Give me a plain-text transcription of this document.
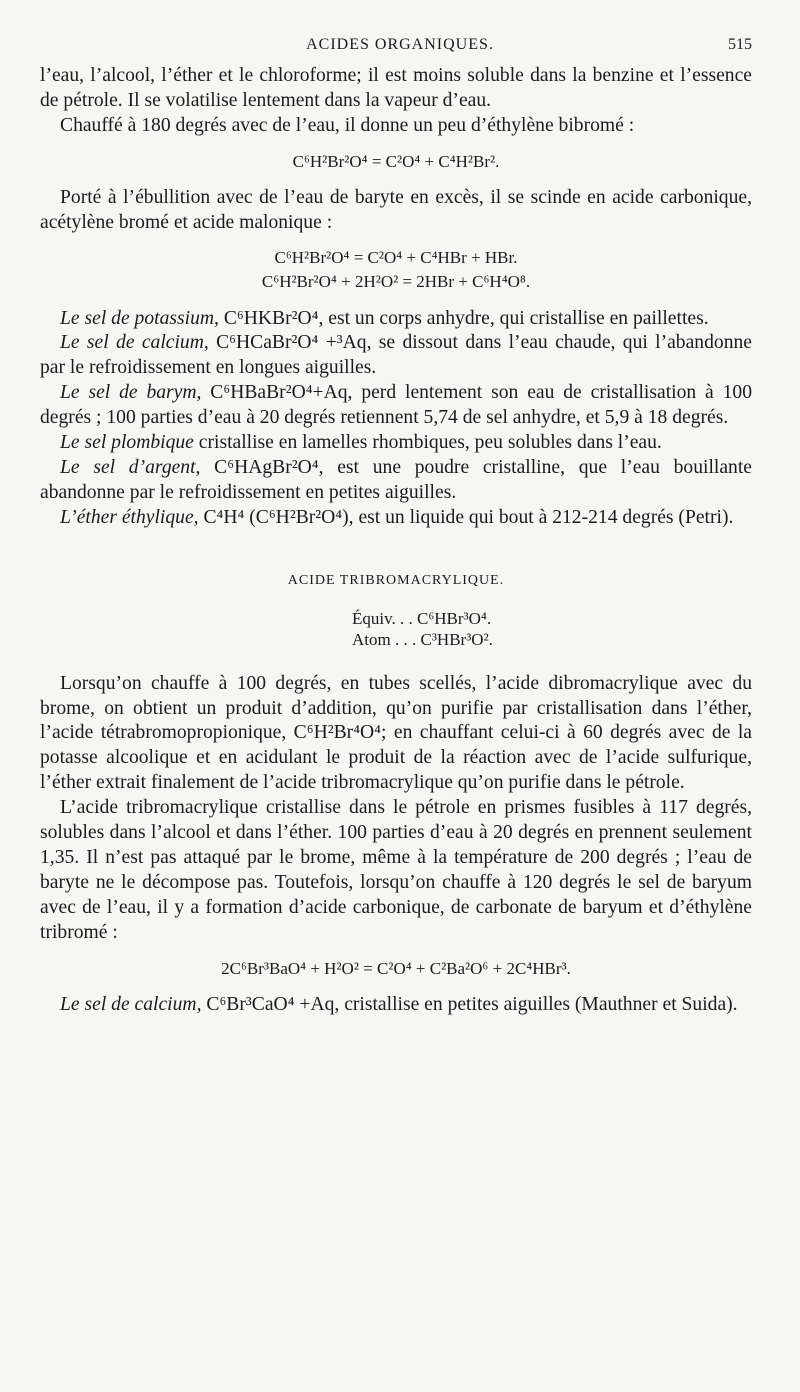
ACIDES ORGANIQUES.	515

l’eau, l’alcool, l’éther et le chloroforme; il est moins soluble dans la benzine et l’essence de pétrole. Il se volatilise lentement dans la vapeur d’eau.

Chauffé à 180 degrés avec de l’eau, il donne un peu d’éthylène bibromé :

C⁶H²Br²O⁴ = C²O⁴ + C⁴H²Br².

Porté à l’ébullition avec de l’eau de baryte en excès, il se scinde en acide carbonique, acétylène bromé et acide malonique :

C⁶H²Br²O⁴ = C²O⁴ + C⁴HBr + HBr.

C⁶H²Br²O⁴ + 2H²O² = 2HBr + C⁶H⁴O⁸.

Le sel de potassium, C⁶HKBr²O⁴, est un corps anhydre, qui cristallise en paillettes.

Le sel de calcium, C⁶HCaBr²O⁴ +³Aq, se dissout dans l’eau chaude, qui l’abandonne par le refroidissement en longues aiguilles.

Le sel de barym, C⁶HBaBr²O⁴+Aq, perd lentement son eau de cristallisation à 100 degrés ; 100 parties d’eau à 20 degrés retiennent 5,74 de sel anhydre, et 5,9 à 18 degrés.

Le sel plombique cristallise en lamelles rhombiques, peu solubles dans l’eau.

Le sel d’argent, C⁶HAgBr²O⁴, est une poudre cristalline, que l’eau bouillante abandonne par le refroidissement en petites aiguilles.

L’éther éthylique, C⁴H⁴ (C⁶H²Br²O⁴), est un liquide qui bout à 212-214 degrés (Petri).

ACIDE TRIBROMACRYLIQUE.

Équiv. . . C⁶HBr³O⁴.
Atom . . . C³HBr³O².

Lorsqu’on chauffe à 100 degrés, en tubes scellés, l’acide dibromacrylique avec du brome, on obtient un produit d’addition, qu’on purifie par cristallisation dans l’éther, l’acide tétrabromopropionique, C⁶H²Br⁴O⁴; en chauffant celui-ci à 60 degrés avec de la potasse alcoolique et en acidulant le produit de la réaction avec de l’acide sulfurique, l’éther extrait finalement de l’acide tribromacrylique qu’on purifie dans le pétrole.

L’acide tribromacrylique cristallise dans le pétrole en prismes fusibles à 117 degrés, solubles dans l’alcool et dans l’éther. 100 parties d’eau à 20 degrés en prennent seulement 1,35. Il n’est pas attaqué par le brome, même à la température de 200 degrés ; l’eau de baryte ne le décompose pas. Toutefois, lorsqu’on chauffe à 120 degrés le sel de baryum avec de l’eau, il y a formation d’acide carbonique, de carbonate de baryum et d’éthylène tribromé :

2C⁶Br³BaO⁴ + H²O² = C²O⁴ + C²Ba²O⁶ + 2C⁴HBr³.

Le sel de calcium, C⁶Br³CaO⁴ +Aq, cristallise en petites aiguilles (Mauthner et Suida).
